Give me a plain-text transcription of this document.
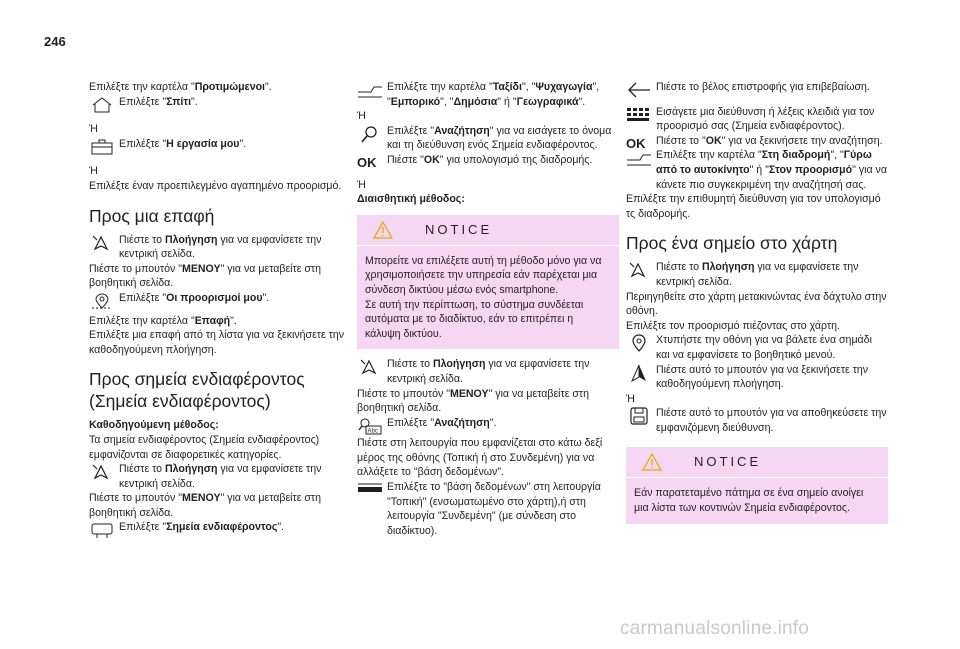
246

Επιλέξτε την καρτέλα "Προτιμώμενοι".

Επιλέξτε "Σπίτι".

Ή

Επιλέξτε "Η εργασία μου".

Ή

Επιλέξτε έναν προεπιλεγμένο αγαπημένο προορισμό.

Προς μια επαφή

Πιέστε το Πλοήγηση για να εμφανίσετε την κεντρική σελίδα.

Πιέστε το μπουτόν "ΜΕΝΟΥ" για να μεταβείτε στη βοηθητική σελίδα.

Επιλέξτε "Οι προορισμοί μου".

Επιλέξτε την καρτέλα "Επαφή".

Επιλέξτε μια επαφή από τη λίστα για να ξεκινήσετε την καθοδηγούμενη πλοήγηση.

Προς σημεία ενδιαφέροντος (Σημεία ενδιαφέροντος)

Καθοδηγούμενη μέθοδος:

Τα σημεία ενδιαφέροντος (Σημεία ενδιαφέροντος) εμφανίζονται σε διαφορετικές κατηγορίες.

Πιέστε το Πλοήγηση για να εμφανίσετε την κεντρική σελίδα.

Πιέστε το μπουτόν "ΜΕΝΟΥ" για να μεταβείτε στη βοηθητική σελίδα.

Επιλέξτε "Σημεία ενδιαφέροντος".

Επιλέξτε την καρτέλα "Ταξίδι", "Ψυχαγωγία", "Εμπορικό", "Δημόσια" ή "Γεωγραφικά".

Ή

Επιλέξτε "Αναζήτηση" για να εισάγετε το όνομα και τη διεύθυνση ενός Σημεία ενδιαφέροντος.

OK Πιέστε "OK" για υπολογισμό της διαδρομής.

Ή

Διαισθητική μέθοδος:

NOTICE
Μπορείτε να επιλέξετε αυτή τη μέθοδο μόνο για να χρησιμοποιήσετε την υπηρεσία εάν παρέχεται μια σύνδεση δικτύου μέσω ενός smartphone.
Σε αυτή την περίπτωση, το σύστημα συνδέεται αυτόματα με το διαδίκτυο, εάν το επιτρέπει η κάλυψη δικτύου.

Πιέστε το Πλοήγηση για να εμφανίσετε την κεντρική σελίδα.

Πιέστε το μπουτόν "ΜΕΝΟΥ" για να μεταβείτε στη βοηθητική σελίδα.

Abc

Επιλέξτε "Αναζήτηση".

Πιέστε στη λειτουργία που εμφανίζεται στο κάτω δεξί μέρος της οθόνης (Τοπική ή στο Συνδεμένη) για να αλλάξετε το "βάση δεδομένων".

Επιλέξτε το "βάση δεδομένων" στη λειτουργία "Τοπική" (ενσωματωμένο στο χάρτη),ή στη λειτουργία "Συνδεμένη" (με σύνδεση στο διαδίκτυο).

Πιέστε το βέλος επιστροφής για επιβεβαίωση.

Εισάγετε μια διεύθυνση ή λέξεις κλειδιά για τον προορισμό σας (Σημεία ενδιαφέροντος).

OK Πιέστε το "OK" για να ξεκινήσετε την αναζήτηση.

Επιλέξτε την καρτέλα "Στη διαδρομή", "Γύρω από το αυτοκίνητο" ή "Στον προορισμό" για να κάνετε πιο συγκεκριμένη την αναζήτησή σας.

Επιλέξτε την επιθυμητή διεύθυνση για τον υπολογισμό τς διαδρομής.

Προς ένα σημείο στο χάρτη

Πιέστε το Πλοήγηση για να εμφανίσετε την κεντρική σελίδα.

Περιηγηθείτε στο χάρτη μετακινώντας ένα δάχτυλο στην οθόνη.

Επιλέξτε τον προορισμό πιέζοντας στο χάρτη.

Χτυπήστε την οθόνη για να βάλετε ένα σημάδι και να εμφανίσετε το βοηθητικό μενού.

Πιέστε αυτό το μπουτόν για να ξεκινήσετε την καθοδηγούμενη πλοήγηση.

Ή

Πιέστε αυτό το μπουτόν για να αποθηκεύσετε την εμφανιζόμενη διεύθυνση.

NOTICE
Εάν παρατεταμένο πάτημα σε ένα σημείο ανοίγει μια λίστα των κοντινών Σημεία ενδιαφέροντος.
carmanualsonline.info
